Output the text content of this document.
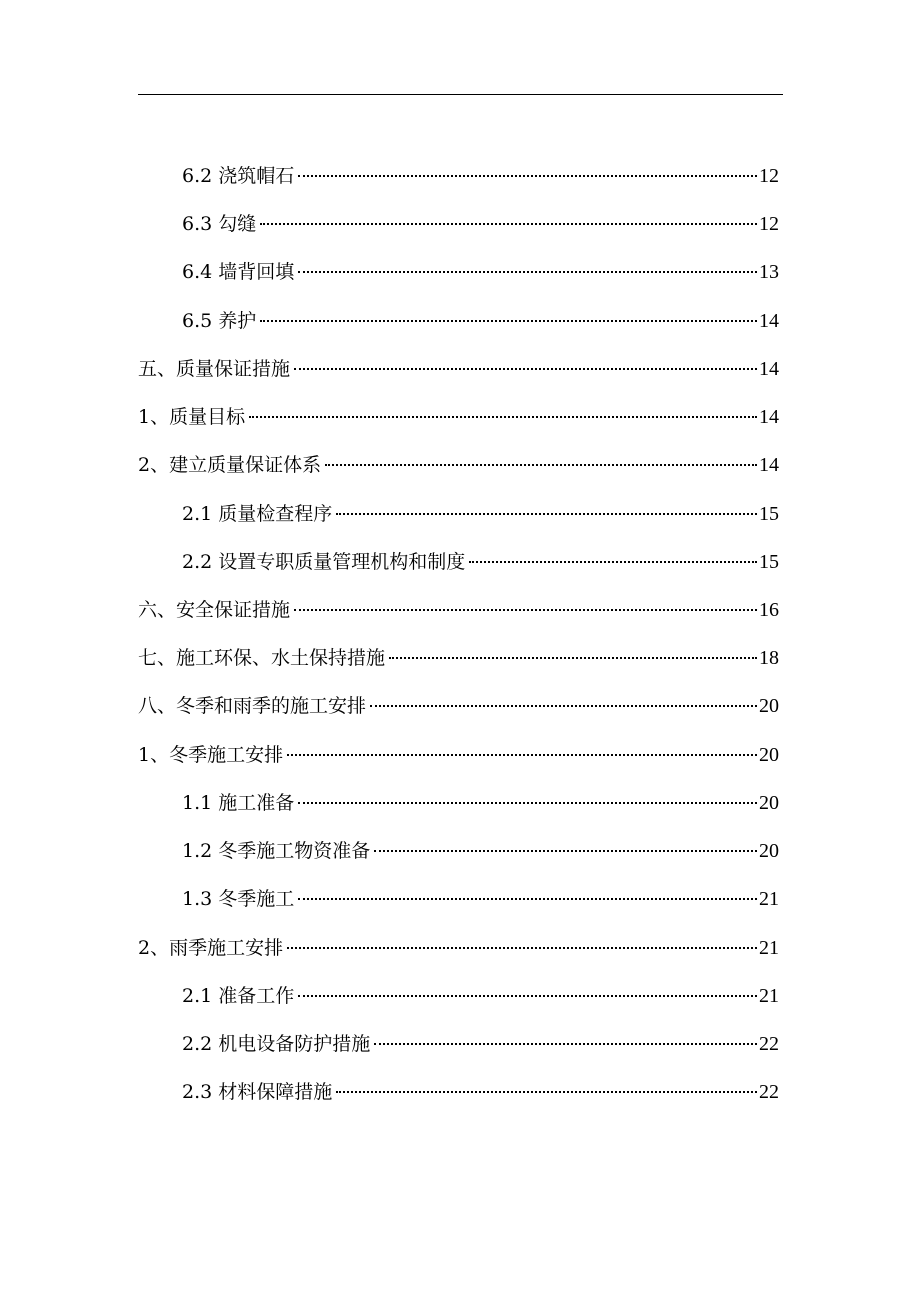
6.2 浇筑帽石	12
6.3 勾缝	12
6.4 墙背回填	13
6.5 养护	14
五、质量保证措施	14
1、质量目标	14
2、建立质量保证体系	14
2.1 质量检查程序	15
2.2 设置专职质量管理机构和制度	15
六、安全保证措施	16
七、施工环保、水土保持措施	18
八、冬季和雨季的施工安排	20
1、冬季施工安排	20
1.1 施工准备	20
1.2 冬季施工物资准备	20
1.3 冬季施工	21
2、雨季施工安排	21
2.1 准备工作	21
2.2 机电设备防护措施	22
2.3 材料保障措施	22
